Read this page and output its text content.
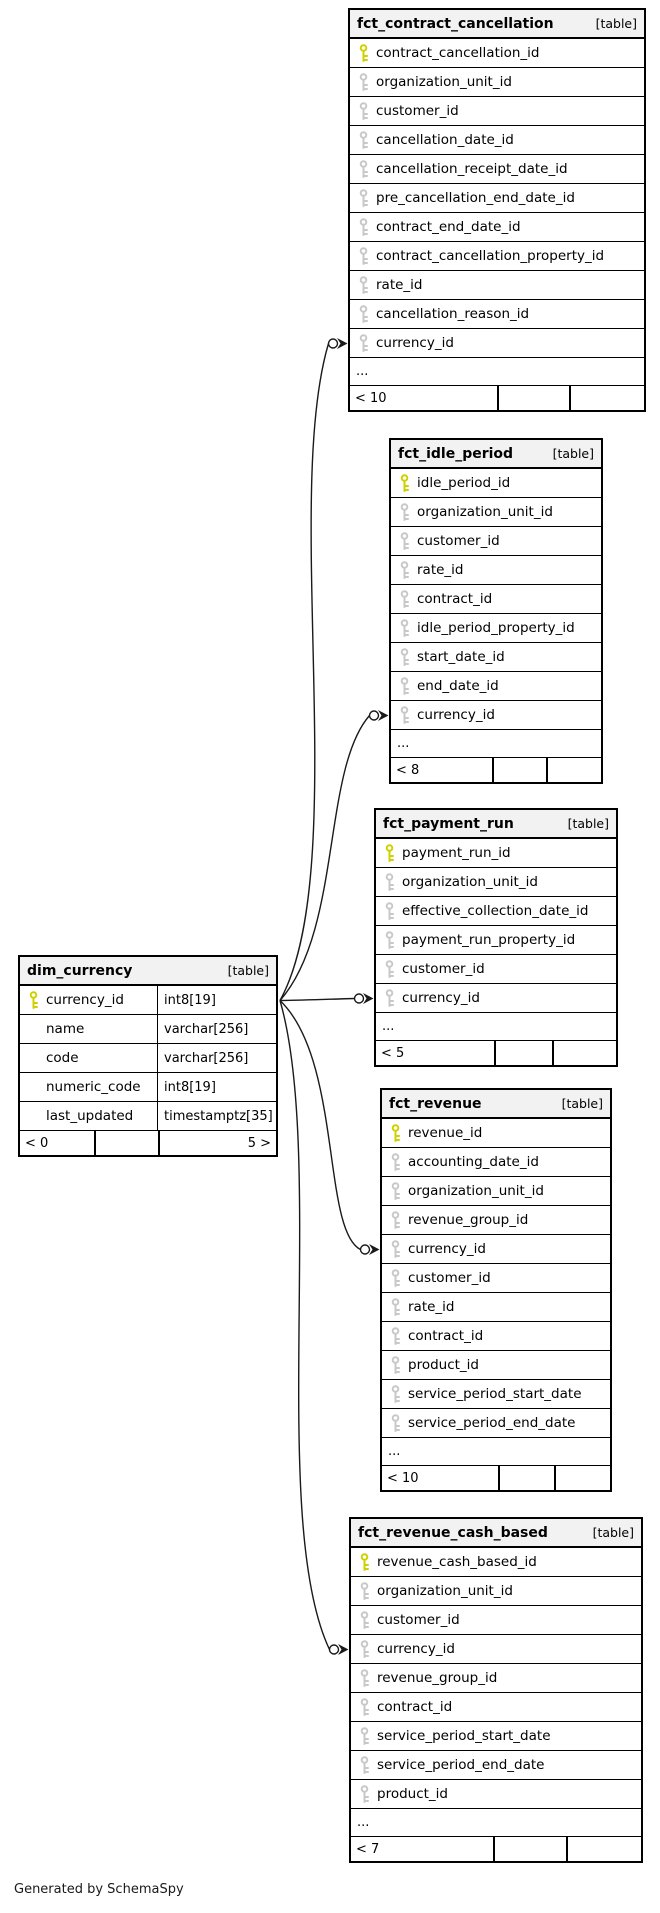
fct_contract_cancellation	[table]
contract_cancellation_id
organization_unit_id
customer_id
cancellation_date_id
cancellation_receipt_date_id
pre_cancellation_end_date_id
contract_end_date_id
contract_cancellation_property_id
rate_id
cancellation_reason_id
currency_id
...
< 10
fct_idle_period	[table]
idle_period_id
organization_unit_id
customer_id
rate_id
contract_id
idle_period_property_id
start_date_id
end_date_id
currency_id
...
< 8
fct_payment_run	[table]
payment_run_id
organization_unit_id
effective_collection_date_id
payment_run_property_id
customer_id
currency_id
...
< 5
dim_currency	[table]
currency_id	int8[19]
name	varchar[256]
code	varchar[256]
numeric_code	int8[19]
last_updated	timestamptz[35]
< 0	5 >
fct_revenue	[table]
revenue_id
accounting_date_id
organization_unit_id
revenue_group_id
currency_id
customer_id
rate_id
contract_id
product_id
service_period_start_date
service_period_end_date
...
< 10
fct_revenue_cash_based	[table]
revenue_cash_based_id
organization_unit_id
customer_id
currency_id
revenue_group_id
contract_id
service_period_start_date
service_period_end_date
product_id
...
< 7
Generated by SchemaSpy
